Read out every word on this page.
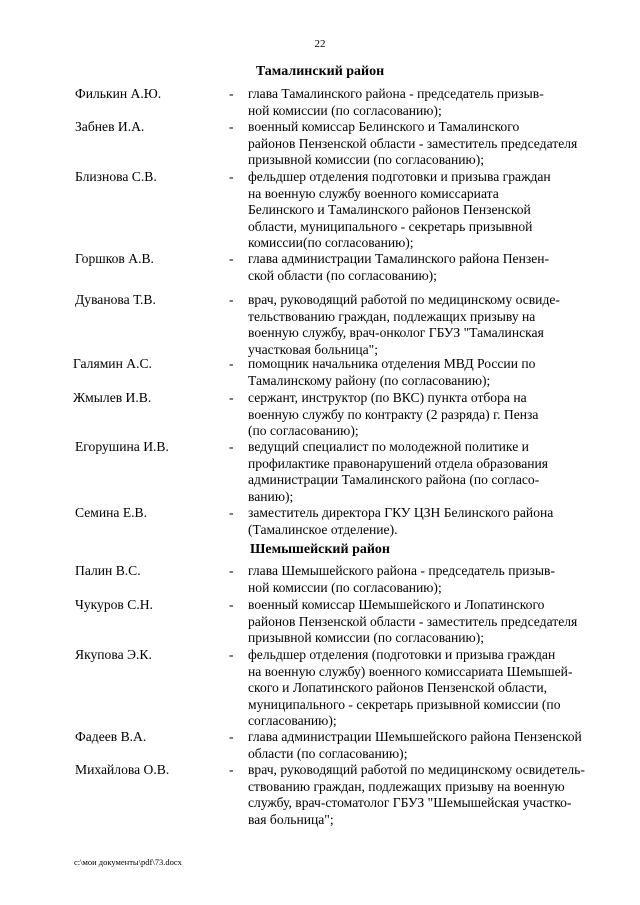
22
Тамалинский район
Филькин А.Ю.	- глава Тамалинского района - председатель призыв-
ной комиссии (по согласованию);
Забнев И.А.	- военный комиссар Белинского и Тамалинского
районов Пензенской области - заместитель председателя
призывной комиссии (по согласованию);
Близнова С.В.	- фельдшер отделения подготовки и призыва граждан
на военную службу военного комиссариата
Белинского и Тамалинского районов Пензенской
области, муниципального - секретарь призывной
комиссии(по согласованию);
Горшков А.В.	- глава администрации Тамалинского района Пензен-
ской области (по согласованию);
Дуванова Т.В.	- врач, руководящий работой по медицинскому освиде-
тельствованию граждан, подлежащих призыву на
военную службу, врач-онколог ГБУЗ "Тамалинская
участковая больница";
Галямин А.С.	- помощник начальника отделения МВД России по
Тамалинскому району (по согласованию);
Жмылев И.В.	- сержант, инструктор (по ВКС) пункта отбора на
военную службу по контракту (2 разряда) г. Пенза
(по согласованию);
Егорушина И.В.	- ведущий специалист по молодежной политике и
профилактике правонарушений отдела образования
администрации Тамалинского района (по согласо-
ванию);
Семина Е.В.	- заместитель директора ГКУ ЦЗН Белинского района
(Тамалинское отделение).
Шемышейский район
Палин В.С.	- глава Шемышейского района - председатель призыв-
ной комиссии (по согласованию);
Чукуров С.Н.	- военный комиссар Шемышейского и Лопатинского
районов Пензенской области - заместитель председателя
призывной комиссии (по согласованию);
Якупова Э.К.	- фельдшер отделения (подготовки и призыва граждан
на военную службу) военного комиссариата Шемышей-
ского и Лопатинского районов Пензенской области,
муниципального - секретарь призывной комиссии (по
согласованию);
Фадеев В.А.	- глава администрации Шемышейского района Пензенской
области (по согласованию);
Михайлова О.В.	- врач, руководящий работой по медицинскому освидетель-
ствованию граждан, подлежащих призыву на военную
службу, врач-стоматолог ГБУЗ "Шемышейская участко-
вая больница";
c:\мои документы\pdf\73.docx
